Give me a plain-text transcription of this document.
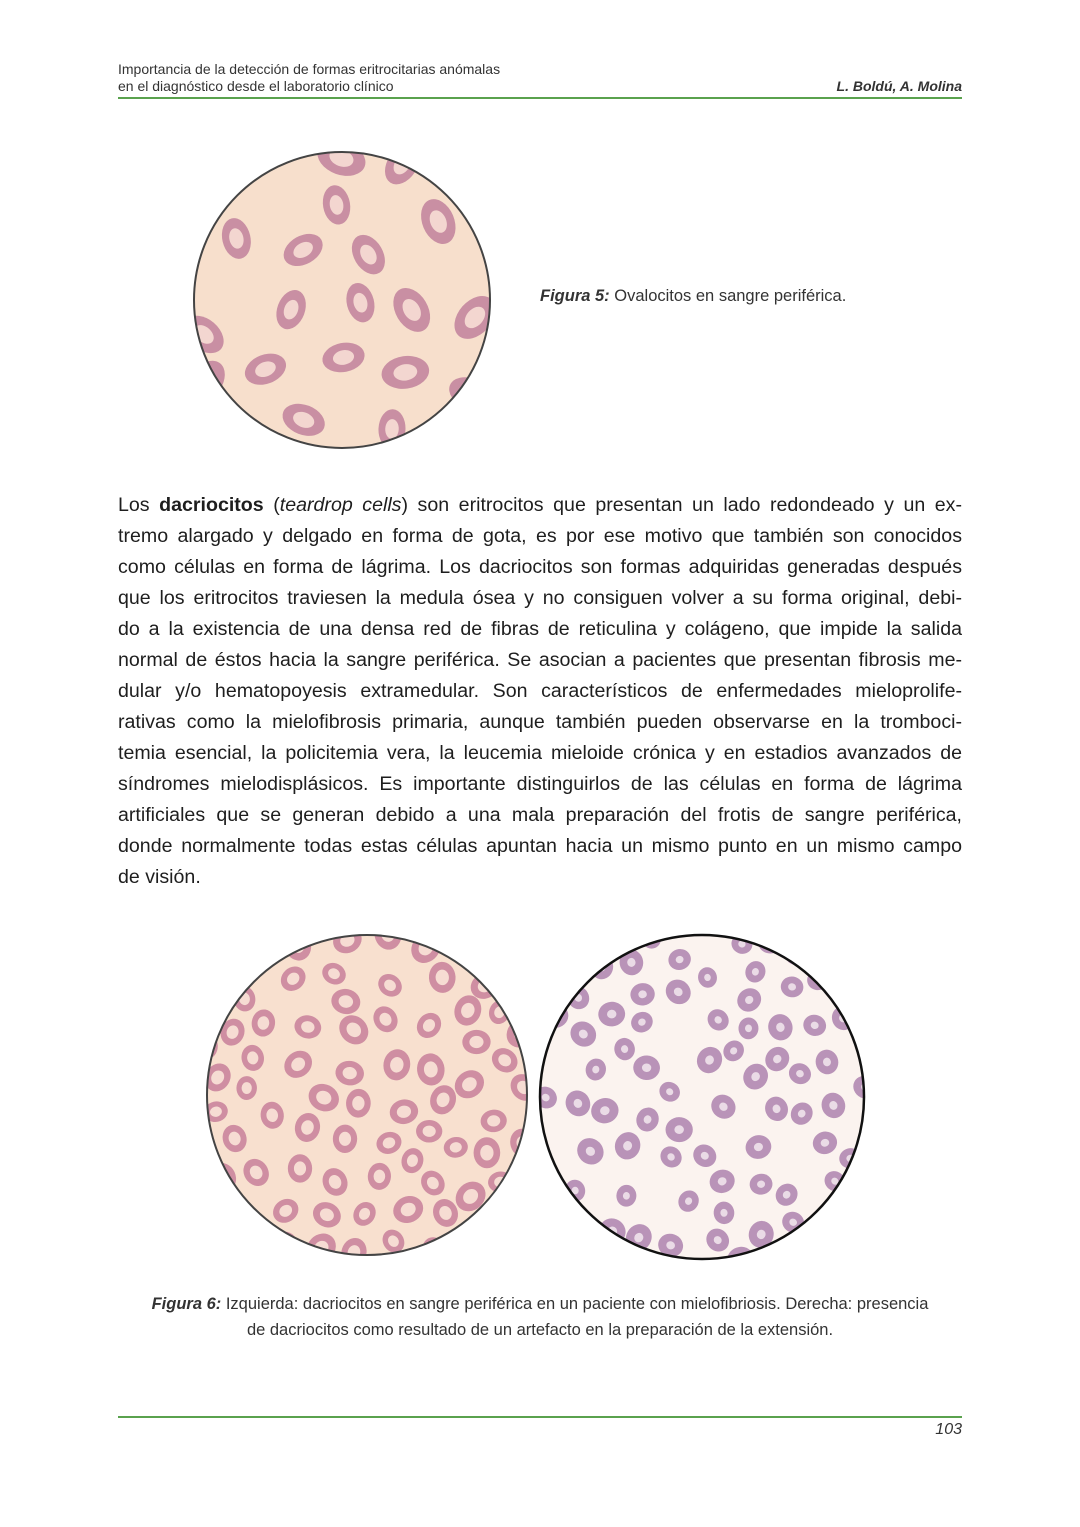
Importancia de la detección de formas eritrocitarias anómalas
en el diagnóstico desde el laboratorio clínico	L. Boldú, A. Molina
Figura 5: Ovalocitos en sangre periférica.
Los dacriocitos (teardrop cells) son eritrocitos que presentan un lado redondeado y un ex-
tremo alargado y delgado en forma de gota, es por ese motivo que también son conocidos
como células en forma de lágrima. Los dacriocitos son formas adquiridas generadas después
que los eritrocitos traviesen la medula ósea y no consiguen volver a su forma original, debi-
do a la existencia de una densa red de fibras de reticulina y colágeno, que impide la salida
normal de éstos hacia la sangre periférica. Se asocian a pacientes que presentan fibrosis me-
dular y/o hematopoyesis extramedular. Son característicos de enfermedades mieloprolife-
rativas como la mielofibrosis primaria, aunque también pueden observarse en la tromboci-
temia esencial, la policitemia vera, la leucemia mieloide crónica y en estadios avanzados de
síndromes mielodisplásicos. Es importante distinguirlos de las células en forma de lágrima
artificiales que se generan debido a una mala preparación del frotis de sangre periférica,
donde normalmente todas estas células apuntan hacia un mismo punto en un mismo campo
de visión.
Figura 6: Izquierda: dacriocitos en sangre periférica en un paciente con mielofibriosis. Derecha: presencia
de dacriocitos como resultado de un artefacto en la preparación de la extensión.
103
